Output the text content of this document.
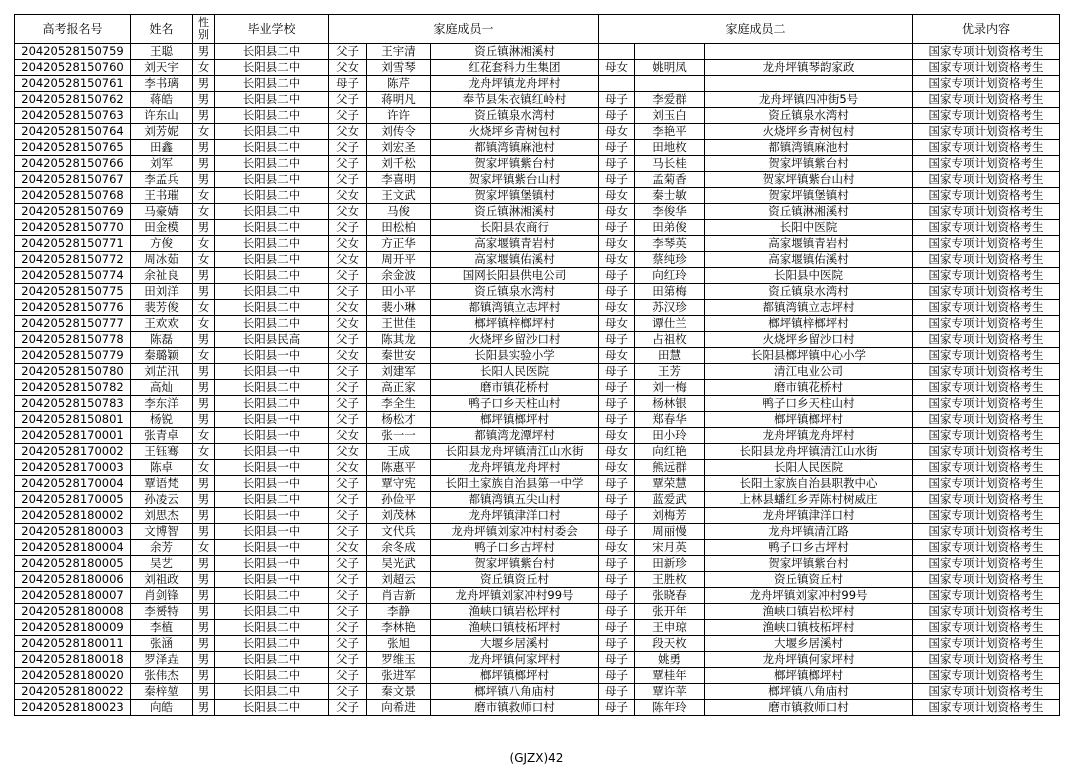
高考报名号	姓名	性别	毕业学校	家庭成员一			家庭成员二			优录内容
20420528150759	王聪	男	长阳县二中	父子	王宇清	资丘镇淋湘溪村				国家专项计划资格考生
20420528150760	刘天宇	女	长阳县二中	父女	刘雪琴	红花套科力生集团	母女	姚明凤	龙舟坪镇琴韵家政	国家专项计划资格考生
20420528150761	李书璃	男	长阳县二中	母子	陈芹	龙舟坪镇龙舟坪村				国家专项计划资格考生
20420528150762	蒋皓	男	长阳县二中	父子	蒋明凡	奉节县朱衣镇红岭村	母子	李爱群	龙舟坪镇四冲街5号	国家专项计划资格考生
20420528150763	许东山	男	长阳县二中	父子	许许	资丘镇泉水湾村	母子	刘玉白	资丘镇泉水湾村	国家专项计划资格考生
20420528150764	刘芳妮	女	长阳县二中	父女	刘传令	火烧坪乡青树包村	母女	李艳平	火烧坪乡青树包村	国家专项计划资格考生
20420528150765	田鑫	男	长阳县二中	父子	刘宏圣	都镇湾镇麻池村	母子	田地枚	都镇湾镇麻池村	国家专项计划资格考生
20420528150766	刘军	男	长阳县二中	父子	刘千松	贺家坪镇紫台村	母子	马长桂	贺家坪镇紫台村	国家专项计划资格考生
20420528150767	李孟兵	男	长阳县二中	父子	李喜明	贺家坪镇紫台山村	母子	孟菊香	贺家坪镇紫台山村	国家专项计划资格考生
20420528150768	王书璀	女	长阳县二中	父女	王文武	贺家坪镇堡镇村	母女	秦士敏	贺家坪镇堡镇村	国家专项计划资格考生
20420528150769	马豪婧	女	长阳县二中	父女	马俊	资丘镇淋湘溪村	母女	李俊华	资丘镇淋湘溪村	国家专项计划资格考生
20420528150770	田金模	男	长阳县二中	父子	田松柏	长阳县农商行	母子	田弟俊	长阳中医院	国家专项计划资格考生
20420528150771	方俊	女	长阳县二中	父女	方正华	高家堰镇青岩村	母女	李琴英	高家堰镇青岩村	国家专项计划资格考生
20420528150772	周冰茹	女	长阳县二中	父女	周开平	高家堰镇佑溪村	母女	蔡纯珍	高家堰镇佑溪村	国家专项计划资格考生
20420528150774	余祉良	男	长阳县二中	父子	余金波	国网长阳县供电公司	母子	向红玲	长阳县中医院	国家专项计划资格考生
20420528150775	田刘洋	男	长阳县二中	父子	田小平	资丘镇泉水湾村	母子	田第梅	资丘镇泉水湾村	国家专项计划资格考生
20420528150776	裴芳俊	女	长阳县二中	父女	裴小琳	都镇湾镇立志坪村	母女	苏汉珍	都镇湾镇立志坪村	国家专项计划资格考生
20420528150777	王欢欢	女	长阳县二中	父女	王世佳	榔坪镇梓榔坪村	母女	谭仕兰	榔坪镇梓榔坪村	国家专项计划资格考生
20420528150778	陈磊	男	长阳县民高	父子	陈其龙	火烧坪乡留沙口村	母子	占祖枚	火烧坪乡留沙口村	国家专项计划资格考生
20420528150779	秦璐颖	女	长阳县一中	父女	秦世安	长阳县实验小学	母女	田慧	长阳县榔坪镇中心小学	国家专项计划资格考生
20420528150780	刘芷汛	男	长阳县一中	父子	刘建军	长阳人民医院	母子	王芳	清江电业公司	国家专项计划资格考生
20420528150782	高灿	男	长阳县二中	父子	高正家	磨市镇花桥村	母子	刘一梅	磨市镇花桥村	国家专项计划资格考生
20420528150783	李东洋	男	长阳县二中	父子	李全生	鸭子口乡天柱山村	母子	杨林银	鸭子口乡天柱山村	国家专项计划资格考生
20420528150801	杨锐	男	长阳县一中	父子	杨松才	榔坪镇榔坪村	母子	郑春华	榔坪镇榔坪村	国家专项计划资格考生
20420528170001	张青卓	女	长阳县一中	父女	张一一	都镇湾龙潭坪村	母女	田小玲	龙舟坪镇龙舟坪村	国家专项计划资格考生
20420528170002	王钰骞	女	长阳县一中	父女	王成	长阳县龙舟坪镇清江山水街	母女	向红艳	长阳县龙舟坪镇清江山水街	国家专项计划资格考生
20420528170003	陈卓	女	长阳县一中	父女	陈惠平	龙舟坪镇龙舟坪村	母女	熊远群	长阳人民医院	国家专项计划资格考生
20420528170004	覃语梵	男	长阳县一中	父子	覃守宪	长阳土家族自治县第一中学	母子	覃荣慧	长阳土家族自治县职教中心	国家专项计划资格考生
20420528170005	孙凌云	男	长阳县二中	父子	孙俭平	都镇湾镇五尖山村	母子	蓝爱武	上林县蟠红乡弄陈村树威庄	国家专项计划资格考生
20420528180002	刘思杰	男	长阳县一中	父子	刘茂林	龙舟坪镇津洋口村	母子	刘梅芳	龙舟坪镇津洋口村	国家专项计划资格考生
20420528180003	文博智	男	长阳县一中	父子	文代兵	龙舟坪镇刘家冲村村委会	母子	周丽慢	龙舟坪镇清江路	国家专项计划资格考生
20420528180004	余芳	女	长阳县一中	父女	余冬成	鸭子口乡古坪村	母女	宋月英	鸭子口乡古坪村	国家专项计划资格考生
20420528180005	吴艺	男	长阳县一中	父子	吴光武	贺家坪镇紫台村	母子	田新珍	贺家坪镇紫台村	国家专项计划资格考生
20420528180006	刘祖政	男	长阳县一中	父子	刘超云	资丘镇资丘村	母子	王胜枚	资丘镇资丘村	国家专项计划资格考生
20420528180007	肖剑锋	男	长阳县二中	父子	肖吉新	龙舟坪镇刘家冲村99号	母子	张晓春	龙舟坪镇刘家冲村99号	国家专项计划资格考生
20420528180008	李赟特	男	长阳县二中	父子	李静	渔峡口镇岩松坪村	母子	张开年	渔峡口镇岩松坪村	国家专项计划资格考生
20420528180009	李植	男	长阳县二中	父子	李林艳	渔峡口镇枝柘坪村	母子	王申琼	渔峡口镇枝柘坪村	国家专项计划资格考生
20420528180011	张涵	男	长阳县二中	父子	张旭	大堰乡居溪村	母子	段天枚	大堰乡居溪村	国家专项计划资格考生
20420528180018	罗泽垚	男	长阳县二中	父子	罗维玉	龙舟坪镇何家坪村	母子	姚勇	龙舟坪镇何家坪村	国家专项计划资格考生
20420528180020	张伟杰	男	长阳县二中	父子	张进军	榔坪镇榔坪村	母子	覃桂年	榔坪镇榔坪村	国家专项计划资格考生
20420528180022	秦梓堃	男	长阳县二中	父子	秦文景	榔坪镇八角庙村	母子	覃许苹	榔坪镇八角庙村	国家专项计划资格考生
20420528180023	向皓	男	长阳县二中	父子	向希进	磨市镇救师口村	母子	陈年玲	磨市镇救师口村	国家专项计划资格考生
(GJZX)42
